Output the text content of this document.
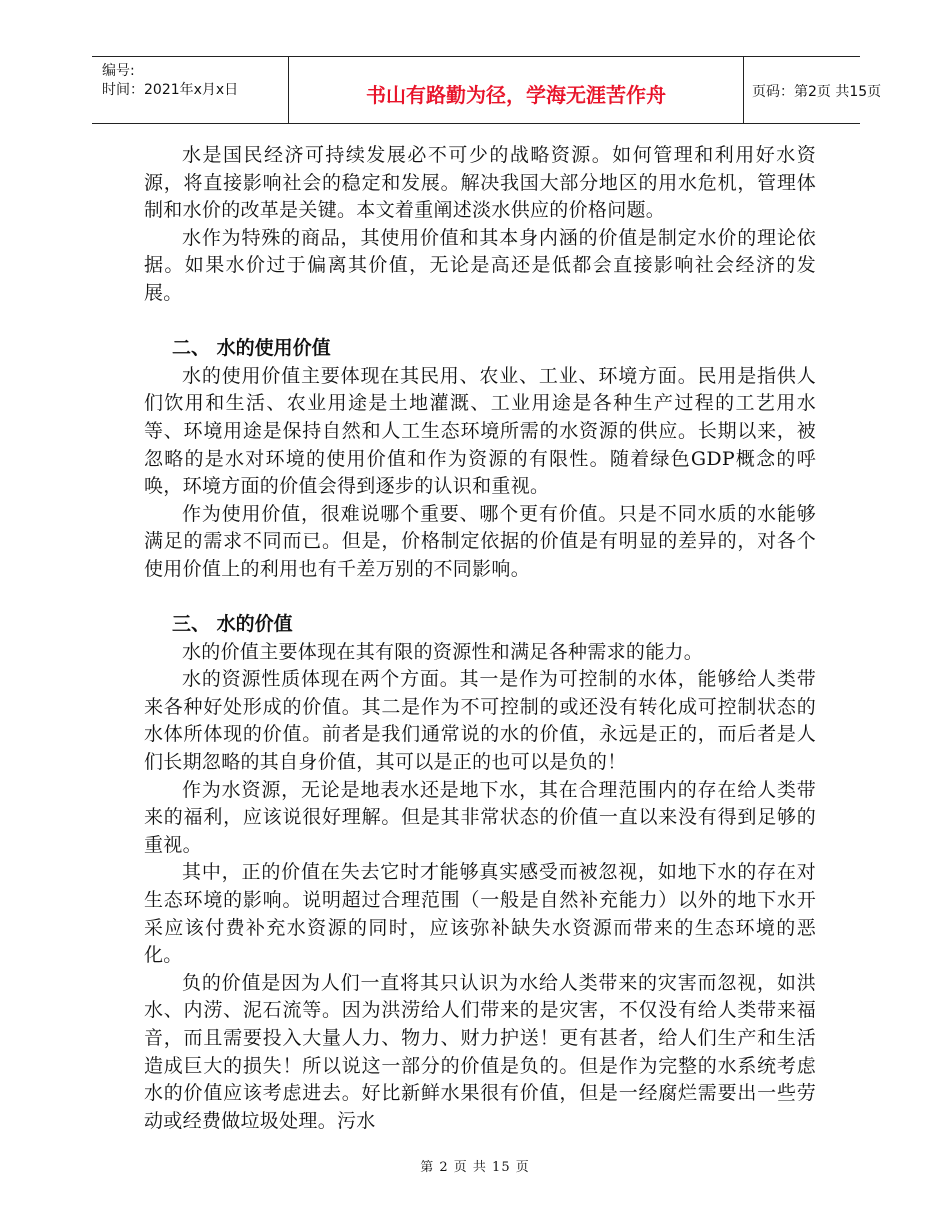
编号:
时间：2021年x月x日	书山有路勤为径，学海无涯苦作舟	页码：第2页 共15页

水是国民经济可持续发展必不可少的战略资源。如何管理和利用好水资源，将直接影响社会的稳定和发展。解决我国大部分地区的用水危机，管理体制和水价的改革是关键。本文着重阐述淡水供应的价格问题。

水作为特殊的商品，其使用价值和其本身内涵的价值是制定水价的理论依据。如果水价过于偏离其价值，无论是高还是低都会直接影响社会经济的发展。

二、 水的使用价值

水的使用价值主要体现在其民用、农业、工业、环境方面。民用是指供人们饮用和生活、农业用途是土地灌溉、工业用途是各种生产过程的工艺用水等、环境用途是保持自然和人工生态环境所需的水资源的供应。长期以来，被忽略的是水对环境的使用价值和作为资源的有限性。随着绿色GDP概念的呼唤，环境方面的价值会得到逐步的认识和重视。

作为使用价值，很难说哪个重要、哪个更有价值。只是不同水质的水能够满足的需求不同而已。但是，价格制定依据的价值是有明显的差异的，对各个使用价值上的利用也有千差万别的不同影响。

三、 水的价值

水的价值主要体现在其有限的资源性和满足各种需求的能力。

水的资源性质体现在两个方面。其一是作为可控制的水体，能够给人类带来各种好处形成的价值。其二是作为不可控制的或还没有转化成可控制状态的水体所体现的价值。前者是我们通常说的水的价值，永远是正的，而后者是人们长期忽略的其自身价值，其可以是正的也可以是负的！

作为水资源，无论是地表水还是地下水，其在合理范围内的存在给人类带来的福利，应该说很好理解。但是其非常状态的价值一直以来没有得到足够的重视。

其中，正的价值在失去它时才能够真实感受而被忽视，如地下水的存在对生态环境的影响。说明超过合理范围（一般是自然补充能力）以外的地下水开采应该付费补充水资源的同时，应该弥补缺失水资源而带来的生态环境的恶化。

负的价值是因为人们一直将其只认识为水给人类带来的灾害而忽视，如洪水、内涝、泥石流等。因为洪涝给人们带来的是灾害，不仅没有给人类带来福音，而且需要投入大量人力、物力、财力护送！更有甚者，给人们生产和生活造成巨大的损失！所以说这一部分的价值是负的。但是作为完整的水系统考虑水的价值应该考虑进去。好比新鲜水果很有价值，但是一经腐烂需要出一些劳动或经费做垃圾处理。污水

第 2 页 共 15 页
